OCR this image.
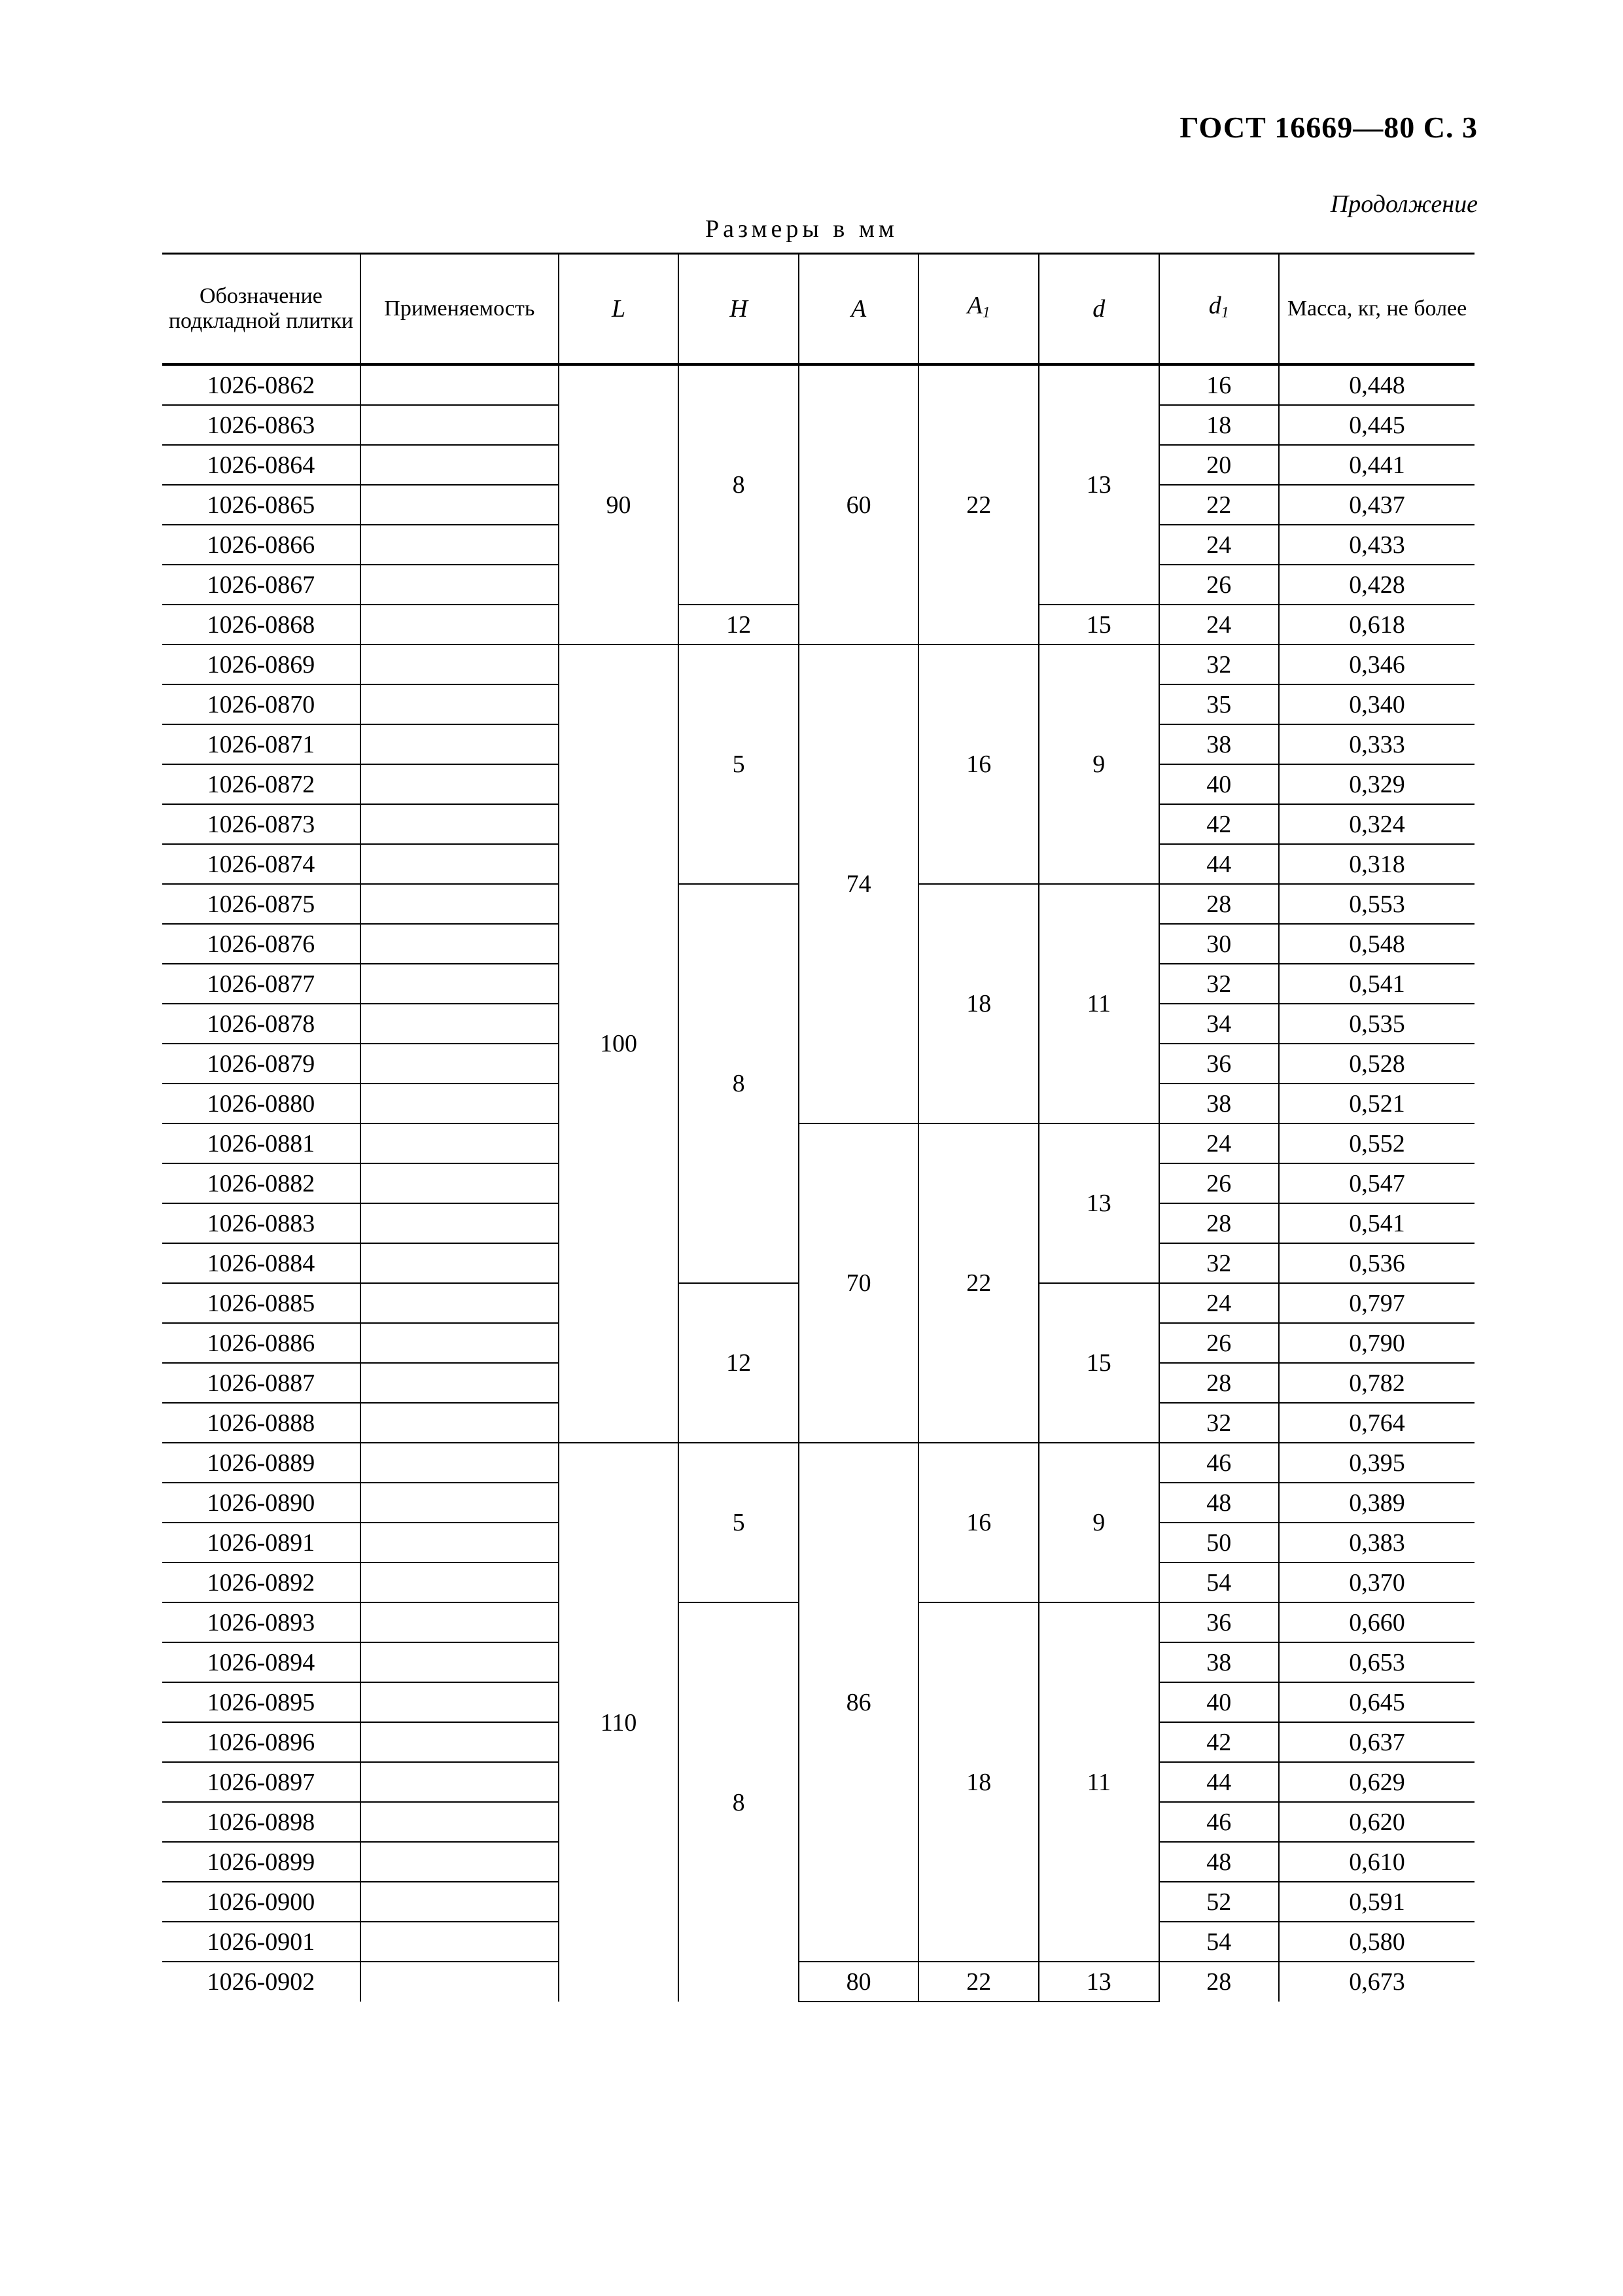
ГОСТ 16669—80 С. 3
Продолжение
Размеры в мм
Обозначение подкладной плитки	Применяемость	L	H	A	$A_1$	d	$d_1$	Масса, кг, не более
1026-0862		90	8	60	22	13	16	0,448
1026-0863							18	0,445
1026-0864							20	0,441
1026-0865							22	0,437
1026-0866							24	0,433
1026-0867							26	0,428
1026-0868			12			15	24	0,618
1026-0869		100	5	74	16	9	32	0,346
1026-0870							35	0,340
1026-0871							38	0,333
1026-0872							40	0,329
1026-0873							42	0,324
1026-0874							44	0,318
1026-0875			8		18	11	28	0,553
1026-0876							30	0,548
1026-0877							32	0,541
1026-0878							34	0,535
1026-0879							36	0,528
1026-0880							38	0,521
1026-0881				70	22	13	24	0,552
1026-0882							26	0,547
1026-0883							28	0,541
1026-0884							32	0,536
1026-0885			12			15	24	0,797
1026-0886							26	0,790
1026-0887							28	0,782
1026-0888							32	0,764
1026-0889		110	5	86	16	9	46	0,395
1026-0890							48	0,389
1026-0891							50	0,383
1026-0892							54	0,370
1026-0893			8		18	11	36	0,660
1026-0894							38	0,653
1026-0895							40	0,645
1026-0896							42	0,637
1026-0897							44	0,629
1026-0898							46	0,620
1026-0899							48	0,610
1026-0900							52	0,591
1026-0901							54	0,580
1026-0902				80	22	13	28	0,673
